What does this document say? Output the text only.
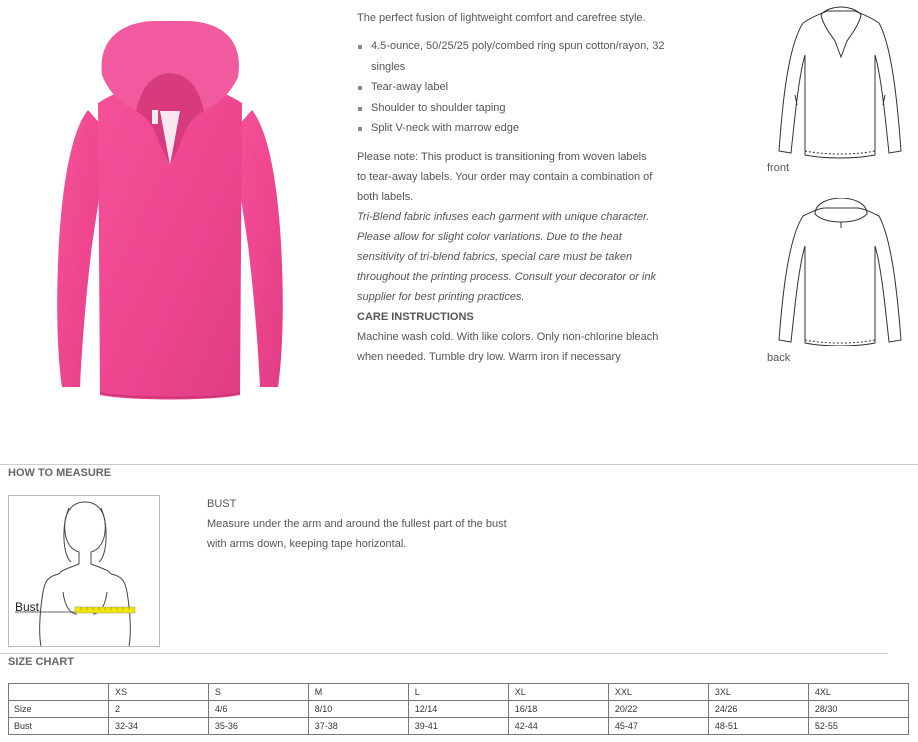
The perfect fusion of lightweight comfort and carefree style.

4.5-ounce, 50/25/25 poly/combed ring spun cotton/rayon, 32 singles
Tear-away label
Shoulder to shoulder taping
Split V-neck with marrow edge

Please note: This product is transitioning from woven labels to tear-away labels. Your order may contain a combination of both labels.

Tri-Blend fabric infuses each garment with unique character. Please allow for slight color variations. Due to the heat sensitivity of tri-blend fabrics, special care must be taken throughout the printing process. Consult your decorator or ink supplier for best printing practices.

CARE INSTRUCTIONS

Machine wash cold. With like colors. Only non-chlorine bleach when needed. Tumble dry low. Warm iron if necessary

front
back
HOW TO MEASURE
Bust
BUST
Measure under the arm and around the fullest part of the bust with arms down, keeping tape horizontal.
SIZE CHART
	XS	S	M	L	XL	XXL	3XL	4XL
Size	2	4/6	8/10	12/14	16/18	20/22	24/26	28/30
Bust	32-34	35-36	37-38	39-41	42-44	45-47	48-51	52-55
